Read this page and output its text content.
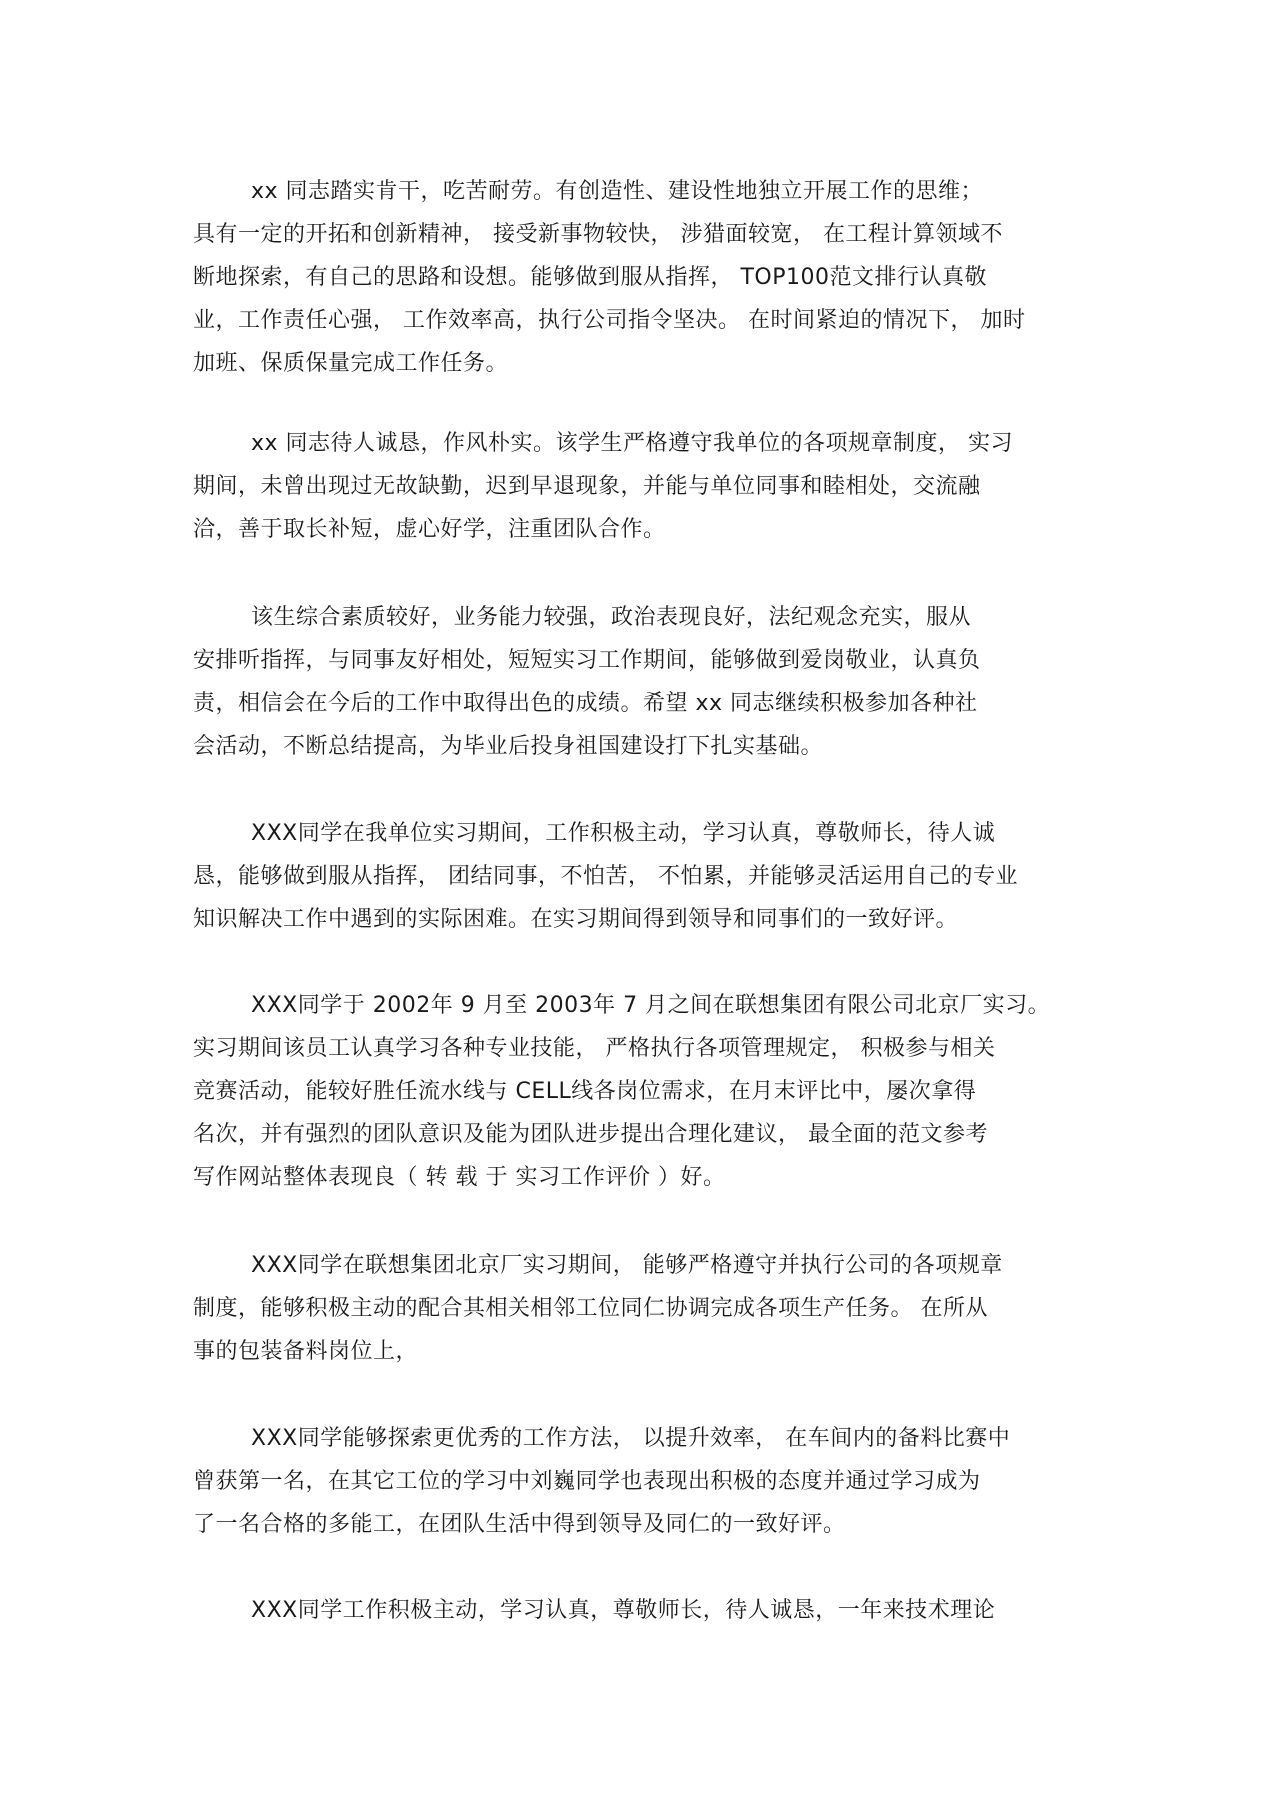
xx 同志踏实肯干，吃苦耐劳。有创造性、建设性地独立开展工作的思维；
具有一定的开拓和创新精神， 接受新事物较快， 涉猎面较宽， 在工程计算领域不
断地探索，有自己的思路和设想。能够做到服从指挥， TOP100范文排行认真敬
业，工作责任心强， 工作效率高，执行公司指令坚决。 在时间紧迫的情况下， 加时
加班、保质保量完成工作任务。
xx 同志待人诚恳，作风朴实。该学生严格遵守我单位的各项规章制度， 实习
期间，未曾出现过无故缺勤，迟到早退现象，并能与单位同事和睦相处，交流融
洽，善于取长补短，虚心好学，注重团队合作。
该生综合素质较好，业务能力较强，政治表现良好，法纪观念充实，服从
安排听指挥，与同事友好相处，短短实习工作期间，能够做到爱岗敬业，认真负
责，相信会在今后的工作中取得出色的成绩。希望 xx 同志继续积极参加各种社
会活动，不断总结提高，为毕业后投身祖国建设打下扎实基础。
XXX同学在我单位实习期间，工作积极主动，学习认真，尊敬师长，待人诚
恳，能够做到服从指挥， 团结同事，不怕苦， 不怕累，并能够灵活运用自己的专业
知识解决工作中遇到的实际困难。在实习期间得到领导和同事们的一致好评。
XXX同学于 2002年 9 月至 2003年 7 月之间在联想集团有限公司北京厂实习。
实习期间该员工认真学习各种专业技能， 严格执行各项管理规定， 积极参与相关
竞赛活动，能较好胜任流水线与 CELL线各岗位需求，在月末评比中，屡次拿得
名次，并有强烈的团队意识及能为团队进步提出合理化建议， 最全面的范文参考
写作网站整体表现良（ 转 载 于 实习工作评价 ）好。
XXX同学在联想集团北京厂实习期间， 能够严格遵守并执行公司的各项规章
制度，能够积极主动的配合其相关相邻工位同仁协调完成各项生产任务。 在所从
事的包装备料岗位上，
XXX同学能够探索更优秀的工作方法， 以提升效率， 在车间内的备料比赛中
曾获第一名，在其它工位的学习中刘巍同学也表现出积极的态度并通过学习成为
了一名合格的多能工，在团队生活中得到领导及同仁的一致好评。
XXX同学工作积极主动，学习认真，尊敬师长，待人诚恳，一年来技术理论
